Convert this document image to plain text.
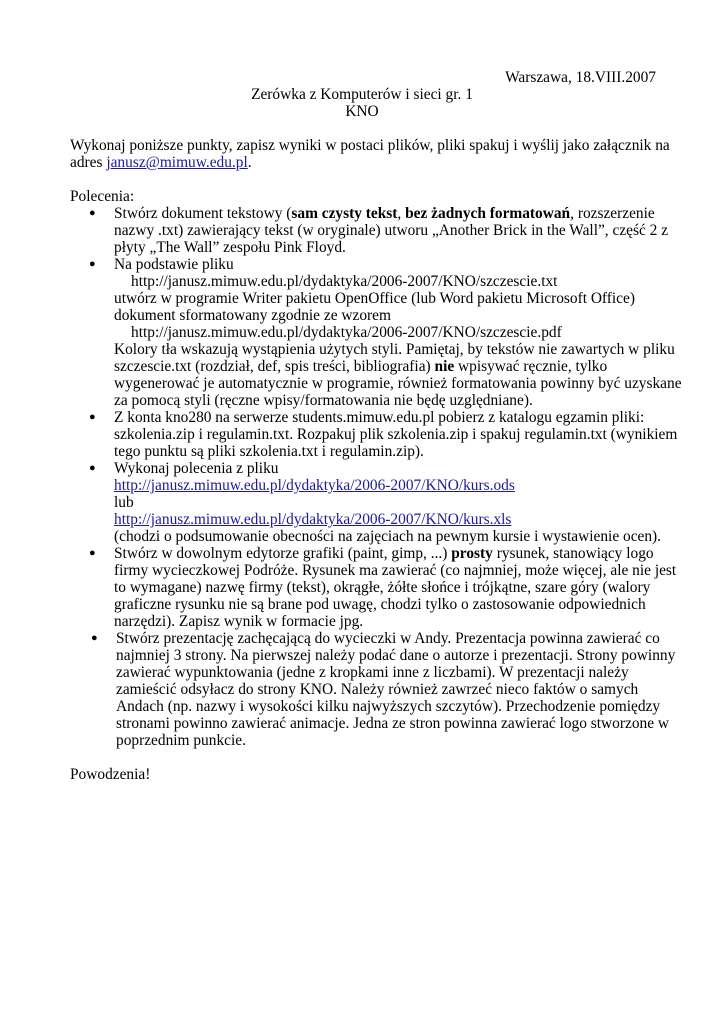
Warszawa, 18.VIII.2007
Zerówka z Komputerów i sieci gr. 1
KNO
Wykonaj poniższe punkty, zapisz wyniki w postaci plików, pliki spakuj i wyślij jako załącznik na
adres janusz@mimuw.edu.pl.
Polecenia:
● Stwórz dokument tekstowy (sam czysty tekst, bez żadnych formatowań, rozszerzenie
nazwy .txt) zawierający tekst (w oryginale) utworu „Another Brick in the Wall”, część 2 z
płyty „The Wall” zespołu Pink Floyd.
● Na podstawie pliku
http://janusz.mimuw.edu.pl/dydaktyka/2006-2007/KNO/szczescie.txt
utwórz w programie Writer pakietu OpenOffice (lub Word pakietu Microsoft Office)
dokument sformatowany zgodnie ze wzorem
http://janusz.mimuw.edu.pl/dydaktyka/2006-2007/KNO/szczescie.pdf
Kolory tła wskazują wystąpienia użytych styli. Pamiętaj, by tekstów nie zawartych w pliku
szczescie.txt (rozdział, def, spis treści, bibliografia) nie wpisywać ręcznie, tylko
wygenerować je automatycznie w programie, również formatowania powinny być uzyskane
za pomocą styli (ręczne wpisy/formatowania nie będę uzględniane).
● Z konta kno280 na serwerze students.mimuw.edu.pl pobierz z katalogu egzamin pliki:
szkolenia.zip i regulamin.txt. Rozpakuj plik szkolenia.zip i spakuj regulamin.txt (wynikiem
tego punktu są pliki szkolenia.txt i regulamin.zip).
● Wykonaj polecenia z pliku
http://janusz.mimuw.edu.pl/dydaktyka/2006-2007/KNO/kurs.ods
lub
http://janusz.mimuw.edu.pl/dydaktyka/2006-2007/KNO/kurs.xls
(chodzi o podsumowanie obecności na zajęciach na pewnym kursie i wystawienie ocen).
● Stwórz w dowolnym edytorze grafiki (paint, gimp, ...) prosty rysunek, stanowiący logo
firmy wycieczkowej Podróże. Rysunek ma zawierać (co najmniej, może więcej, ale nie jest
to wymagane) nazwę firmy (tekst), okrągłe, żółte słońce i trójkątne, szare góry (walory
graficzne rysunku nie są brane pod uwagę, chodzi tylko o zastosowanie odpowiednich
narzędzi). Zapisz wynik w formacie jpg.
● Stwórz prezentację zachęcającą do wycieczki w Andy. Prezentacja powinna zawierać co
najmniej 3 strony. Na pierwszej należy podać dane o autorze i prezentacji. Strony powinny
zawierać wypunktowania (jedne z kropkami inne z liczbami). W prezentacji należy
zamieścić odsyłacz do strony KNO. Należy również zawrzeć nieco faktów o samych
Andach (np. nazwy i wysokości kilku najwyższych szczytów). Przechodzenie pomiędzy
stronami powinno zawierać animacje. Jedna ze stron powinna zawierać logo stworzone w
poprzednim punkcie.
Powodzenia!
